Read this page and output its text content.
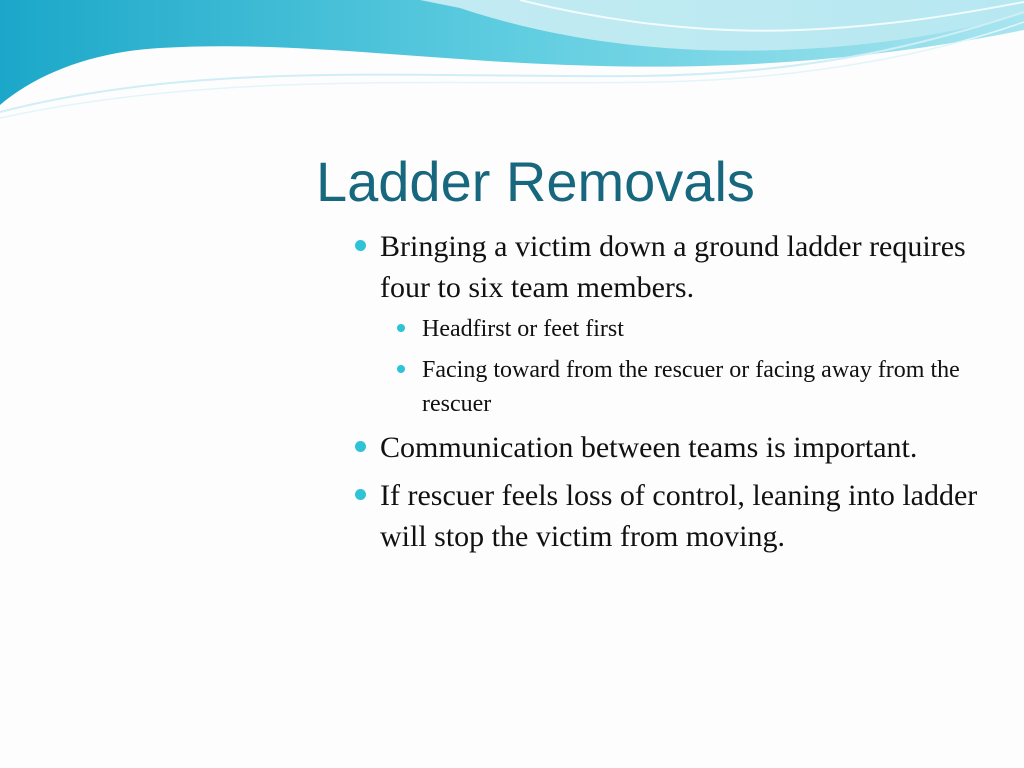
Ladder Removals
Bringing a victim down a ground ladder requires four to six team members.
Headfirst or feet first
Facing toward from the rescuer or facing away from the rescuer
Communication between teams is important.
If rescuer feels loss of control, leaning into ladder will stop the victim from moving.
